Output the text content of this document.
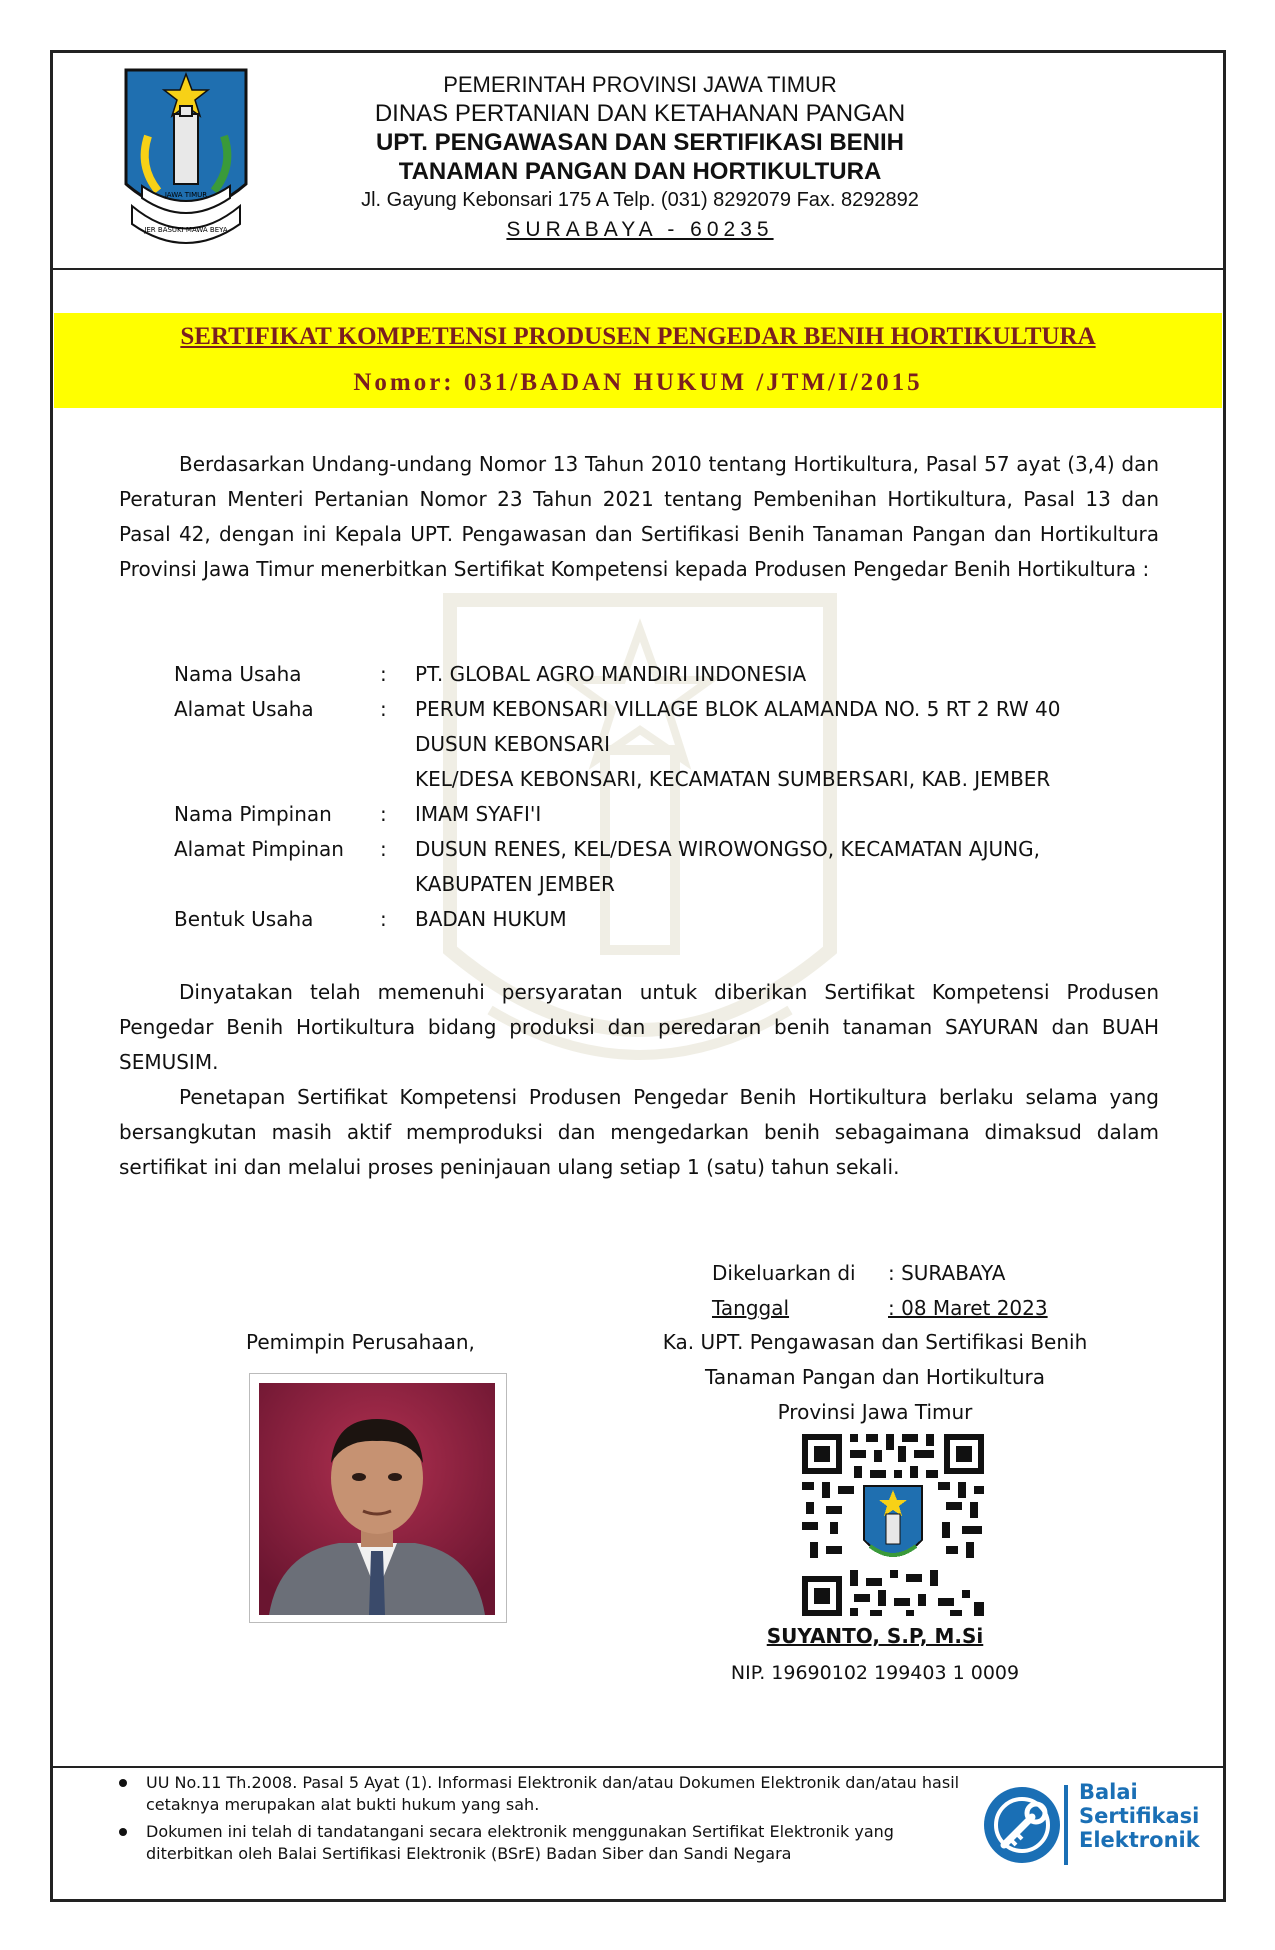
JAWA TIMUR
JER BASUKI MAWA BEYA
PEMERINTAH PROVINSI JAWA TIMUR
DINAS PERTANIAN DAN KETAHANAN PANGAN
UPT. PENGAWASAN DAN SERTIFIKASI BENIH
TANAMAN PANGAN DAN HORTIKULTURA
Jl. Gayung Kebonsari 175 A Telp. (031) 8292079 Fax. 8292892
SURABAYA - 60235
SERTIFIKAT KOMPETENSI PRODUSEN PENGEDAR BENIH HORTIKULTURA
Nomor: 031/BADAN HUKUM /JTM/I/2015
Berdasarkan Undang-undang Nomor 13 Tahun 2010 tentang Hortikultura, Pasal 57 ayat (3,4) dan Peraturan Menteri Pertanian Nomor 23 Tahun 2021 tentang Pembenihan Hortikultura, Pasal 13 dan Pasal 42, dengan ini Kepala UPT. Pengawasan dan Sertifikasi Benih Tanaman Pangan dan Hortikultura Provinsi Jawa Timur menerbitkan Sertifikat Kompetensi kepada Produsen Pengedar Benih Hortikultura :
Nama Usaha	:	PT. GLOBAL AGRO MANDIRI INDONESIA
Alamat Usaha	:	PERUM KEBONSARI VILLAGE BLOK ALAMANDA NO. 5 RT 2 RW 40
DUSUN KEBONSARI
KEL/DESA KEBONSARI, KECAMATAN SUMBERSARI, KAB. JEMBER
Nama Pimpinan	:	IMAM SYAFI'I
Alamat Pimpinan	:	DUSUN RENES, KEL/DESA WIROWONGSO, KECAMATAN AJUNG,
KABUPATEN JEMBER
Bentuk Usaha	:	BADAN HUKUM
Dinyatakan telah memenuhi persyaratan untuk diberikan Sertifikat Kompetensi Produsen Pengedar Benih Hortikultura bidang produksi dan peredaran benih tanaman SAYURAN dan BUAH SEMUSIM.
Penetapan Sertifikat Kompetensi Produsen Pengedar Benih Hortikultura berlaku selama yang bersangkutan masih aktif memproduksi dan mengedarkan benih sebagaimana dimaksud dalam sertifikat ini dan melalui proses peninjauan ulang setiap 1 (satu) tahun sekali.
Dikeluarkan di	: SURABAYA
Tanggal	: 08 Maret 2023
Ka. UPT. Pengawasan dan Sertifikasi Benih
Tanaman Pangan dan Hortikultura
Provinsi Jawa Timur
Pemimpin Perusahaan,
SUYANTO, S.P, M.Si
NIP. 19690102 199403 1 0009
UU No.11 Th.2008. Pasal 5 Ayat (1). Informasi Elektronik dan/atau Dokumen Elektronik dan/atau hasil cetaknya merupakan alat bukti hukum yang sah.
Dokumen ini telah di tandatangani secara elektronik menggunakan Sertifikat Elektronik yang diterbitkan oleh Balai Sertifikasi Elektronik (BSrE) Badan Siber dan Sandi Negara
Balai
Sertifikasi
Elektronik
